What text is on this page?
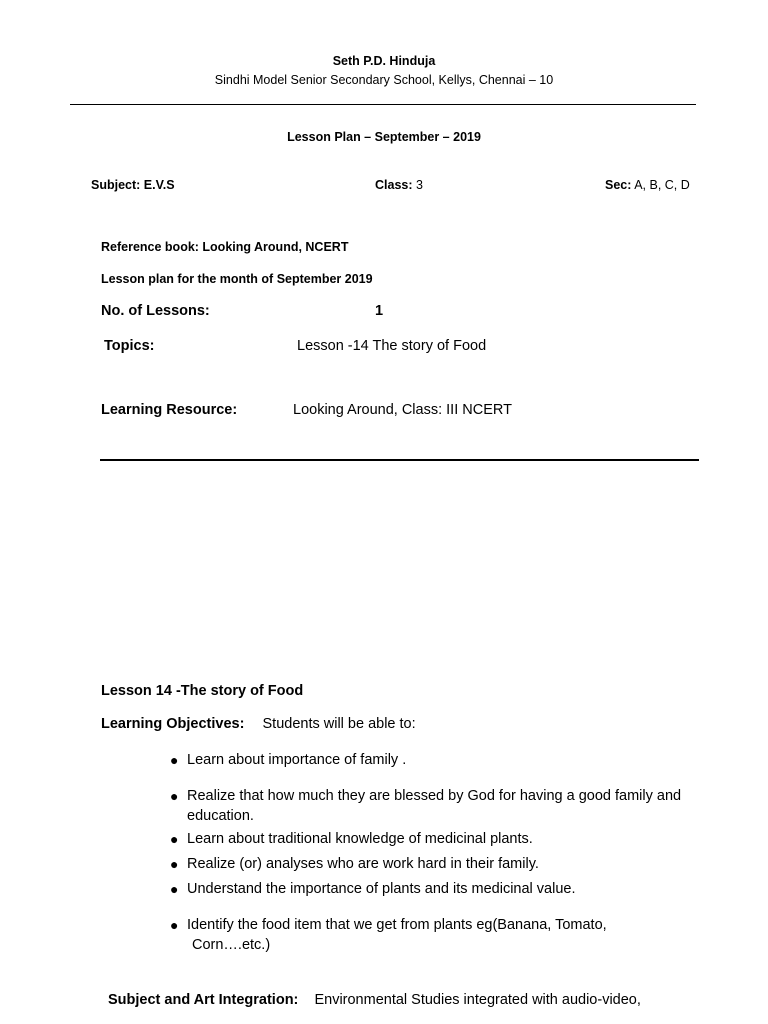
Seth P.D. Hinduja
Sindhi Model Senior Secondary School, Kellys, Chennai – 10
Lesson Plan – September – 2019
Subject: E.V.S	Class: 3	Sec: A, B, C, D
Reference book: Looking Around, NCERT
Lesson plan for the month of September 2019
No. of Lessons:	1
Topics:	Lesson -14 The story of Food
Learning Resource:	Looking Around, Class: III NCERT
Lesson 14 -The story of Food
Learning Objectives: Students will be able to:
● Learn about importance of family .
● Realize that how much they are blessed by God for having a good family and education.
● Learn about traditional knowledge of medicinal plants.
● Realize (or) analyses who are work hard in their family.
● Understand the importance of plants and its medicinal value.
● Identify the food item that we get from plants eg(Banana, Tomato,
Corn….etc.)
Subject and Art Integration: Environmental Studies integrated with audio-video,
